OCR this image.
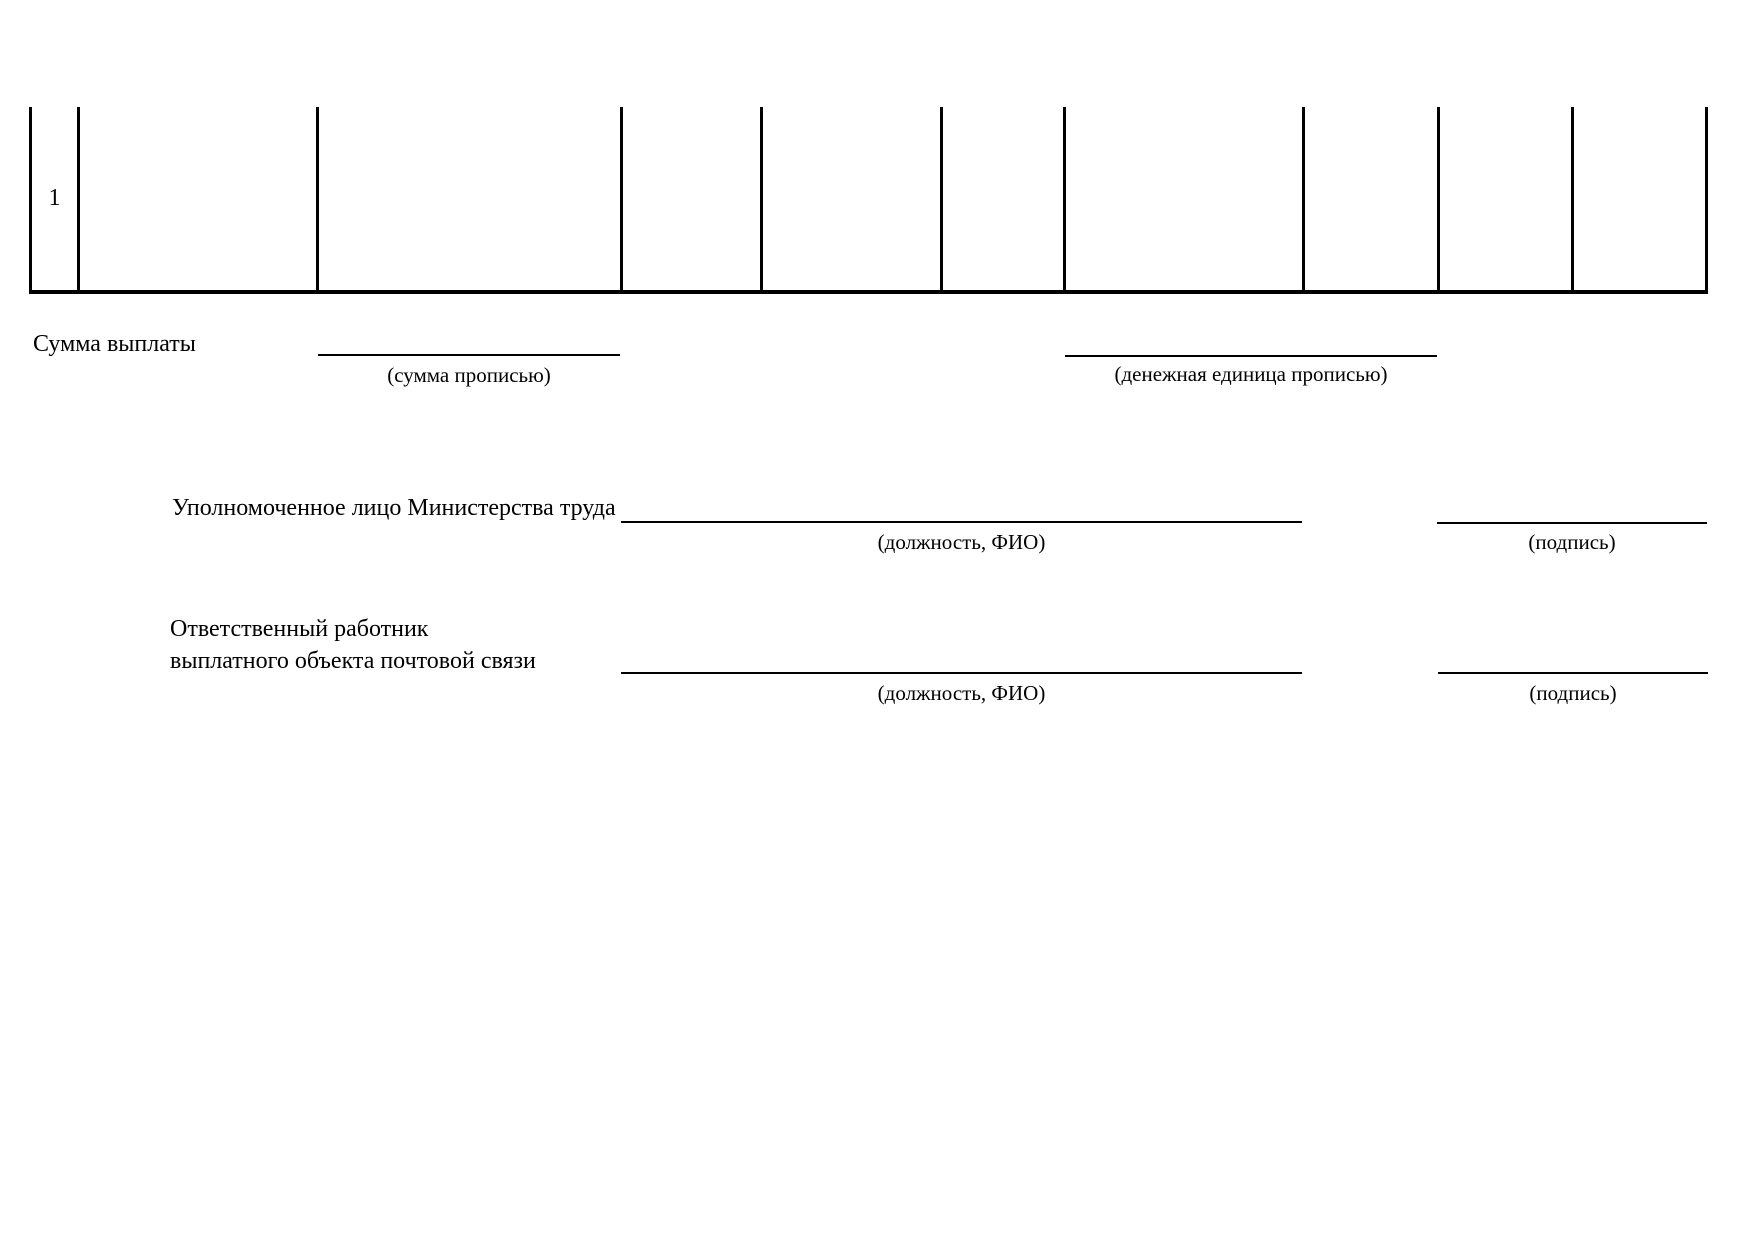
1
Сумма выплаты
(сумма прописью)	(денежная единица прописью)
Уполномоченное лицо Министерства труда
(должность, ФИО)	(подпись)
Ответственный работник
выплатного объекта почтовой связи
(должность, ФИО)	(подпись)
